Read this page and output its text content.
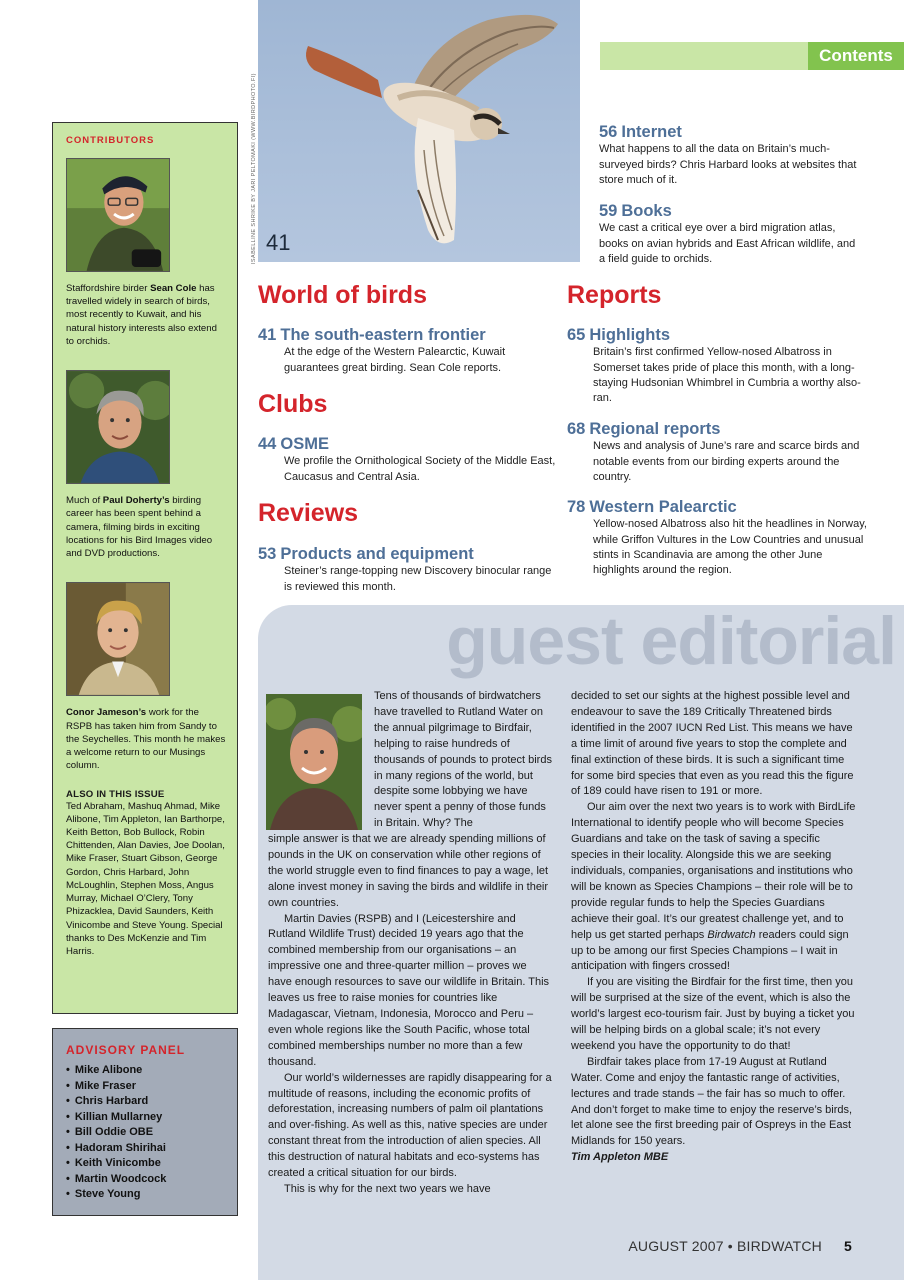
CONTRIBUTORS

Staffordshire birder Sean Cole has travelled widely in search of birds, most recently to Kuwait, and his natural history interests also extend to orchids.

Much of Paul Doherty’s birding career has been spent behind a camera, filming birds in exciting locations for his Bird Images video and DVD productions.

Conor Jameson’s work for the RSPB has taken him from Sandy to the Seychelles. This month he makes a welcome return to our Musings column.

ALSO IN THIS ISSUE

Ted Abraham, Mashuq Ahmad, Mike Alibone, Tim Appleton, Ian Barthorpe, Keith Betton, Bob Bullock, Robin Chittenden, Alan Davies, Joe Doolan, Mike Fraser, Stuart Gibson, George Gordon, Chris Harbard, John McLoughlin, Stephen Moss, Angus Murray, Michael O’Clery, Tony Phizacklea, David Saunders, Keith Vinicombe and Steve Young. Special thanks to Des McKenzie and Tim Harris.

ADVISORY PANEL
• Mike Alibone
• Mike Fraser
• Chris Harbard
• Killian Mullarney
• Bill Oddie OBE
• Hadoram Shirihai
• Keith Vinicombe
• Martin Woodcock
• Steve Young
ISABELLINE SHRIKE BY JARI PELTOMAKI (WWW.BIRDPHOTO.FI) 41
Contents
56 Internet

What happens to all the data on Britain’s much-surveyed birds? Chris Harbard looks at websites that store much of it.

59 Books

We cast a critical eye over a bird migration atlas, books on avian hybrids and East African wildlife, and a field guide to orchids.

World of birds
41 The south-eastern frontier

At the edge of the Western Palearctic, Kuwait guarantees great birding. Sean Cole reports.

Clubs
44 OSME

We profile the Ornithological Society of the Middle East, Caucasus and Central Asia.

Reviews
53 Products and equipment

Steiner’s range-topping new Discovery binocular range is reviewed this month.

Reports
65 Highlights

Britain’s first confirmed Yellow-nosed Albatross in Somerset takes pride of place this month, with a long-staying Hudsonian Whimbrel in Cumbria a worthy also-ran.

68 Regional reports

News and analysis of June’s rare and scarce birds and notable events from our birding experts around the country.

78 Western Palearctic

Yellow-nosed Albatross also hit the headlines in Norway, while Griffon Vultures in the Low Countries and unusual stints in Scandinavia are among the other June highlights around the region.

guest editorial

Tens of thousands of birdwatchers have travelled to Rutland Water on the annual pilgrimage to Birdfair, helping to raise hundreds of thousands of pounds to protect birds in many regions of the world, but despite some lobbying we have never spent a penny of those funds in Britain. Why? The

simple answer is that we are already spending millions of pounds in the UK on conservation while other regions of the world struggle even to find finances to pay a wage, let alone invest money in saving the birds and wildlife in their own countries.

Martin Davies (RSPB) and I (Leicestershire and Rutland Wildlife Trust) decided 19 years ago that the combined membership from our organisations – an impressive one and three-quarter million – proves we have enough resources to save our wildlife in Britain. This leaves us free to raise monies for countries like Madagascar, Vietnam, Indonesia, Morocco and Peru – even whole regions like the South Pacific, whose total combined memberships number no more than a few thousand.

Our world’s wildernesses are rapidly disappearing for a multitude of reasons, including the economic profits of deforestation, increasing numbers of palm oil plantations and over-fishing. As well as this, native species are under constant threat from the introduction of alien species. All this destruction of natural habitats and eco-systems has created a critical situation for our birds.

This is why for the next two years we have

decided to set our sights at the highest possible level and endeavour to save the 189 Critically Threatened birds identified in the 2007 IUCN Red List. This means we have a time limit of around five years to stop the complete and final extinction of these birds. It is such a significant time for some bird species that even as you read this the figure of 189 could have risen to 191 or more.

Our aim over the next two years is to work with BirdLife International to identify people who will become Species Guardians and take on the task of saving a specific species in their locality. Alongside this we are seeking individuals, companies, organisations and institutions who will be known as Species Champions – their role will be to provide regular funds to help the Species Guardians achieve their goal. It’s our greatest challenge yet, and to help us get started perhaps Birdwatch readers could sign up to be among our first Species Champions – I wait in anticipation with fingers crossed!

If you are visiting the Birdfair for the first time, then you will be surprised at the size of the event, which is also the world’s largest eco-tourism fair. Just by buying a ticket you will be helping birds on a global scale; it’s not every weekend you have the opportunity to do that!

Birdfair takes place from 17-19 August at Rutland Water. Come and enjoy the fantastic range of activities, lectures and trade stands – the fair has so much to offer. And don’t forget to make time to enjoy the reserve’s birds, let alone see the first breeding pair of Ospreys in the East Midlands for 150 years.

Tim Appleton MBE

AUGUST 2007 • BIRDWATCH 5
